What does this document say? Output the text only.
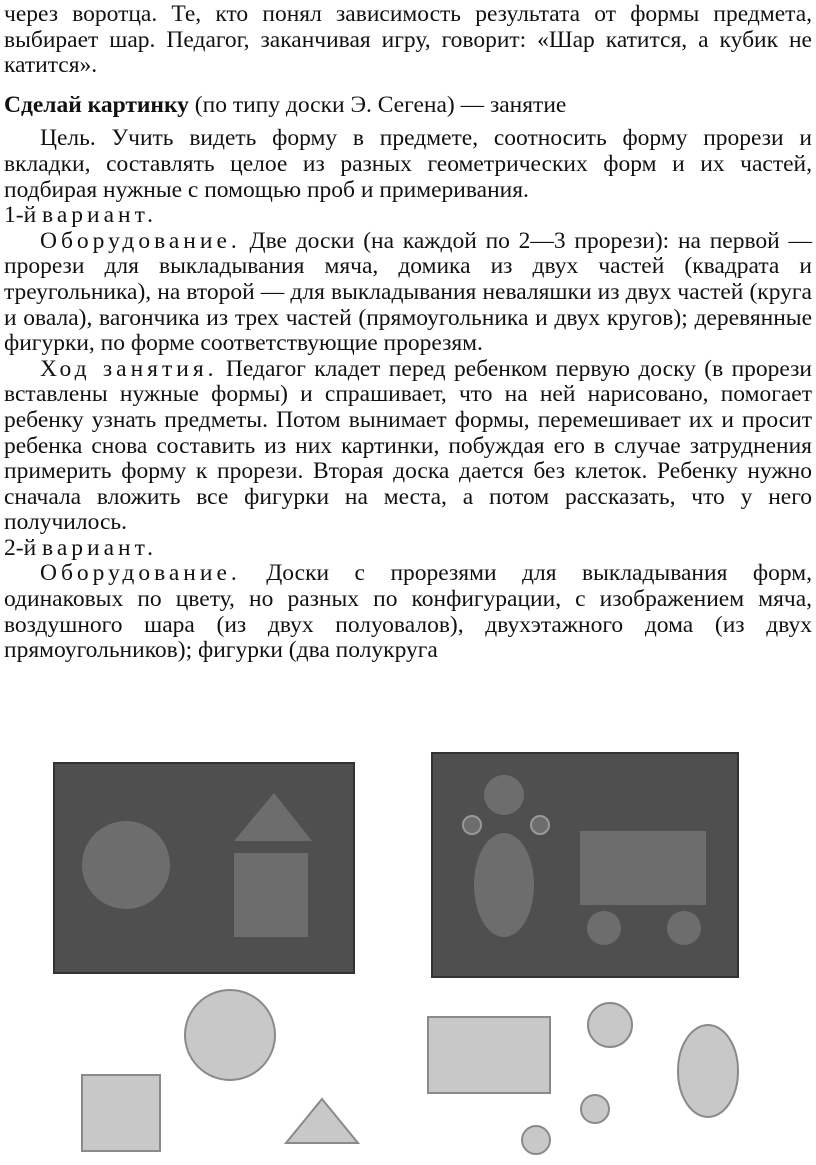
через воротца. Те, кто понял зависимость результата от формы предмета, выбирает шар. Педагог, заканчивая игру, говорит: «Шар катится, а кубик не катится».

Сделай картинку (по типу доски Э. Сегена) — занятие

Цель. Учить видеть форму в предмете, соотносить форму прорези и вкладки, составлять целое из разных геометрических форм и их частей, подбирая нужные с помощью проб и примеривания.

1-й вариант.

Оборудование. Две доски (на каждой по 2—3 прорези): на первой — прорези для выкладывания мяча, домика из двух частей (квадрата и треугольника), на второй — для выкладывания неваляшки из двух частей (круга и овала), вагончика из трех частей (прямоугольника и двух кругов); деревянные фигурки, по форме соответствующие прорезям.

Ход занятия. Педагог кладет перед ребенком первую доску (в прорези вставлены нужные формы) и спрашивает, что на ней нарисовано, помогает ребенку узнать предметы. Потом вынимает формы, перемешивает их и просит ребенка снова составить из них картинки, побуждая его в случае затруднения примерить форму к прорези. Вторая доска дается без клеток. Ребенку нужно сначала вложить все фигурки на места, а потом рассказать, что у него получилось.

2-й вариант.

Оборудование. Доски с прорезями для выкладывания форм, одинаковых по цвету, но разных по конфигурации, с изображением мяча, воздушного шара (из двух полуовалов), двухэтажного дома (из двух прямоугольников); фигурки (два полукруга
